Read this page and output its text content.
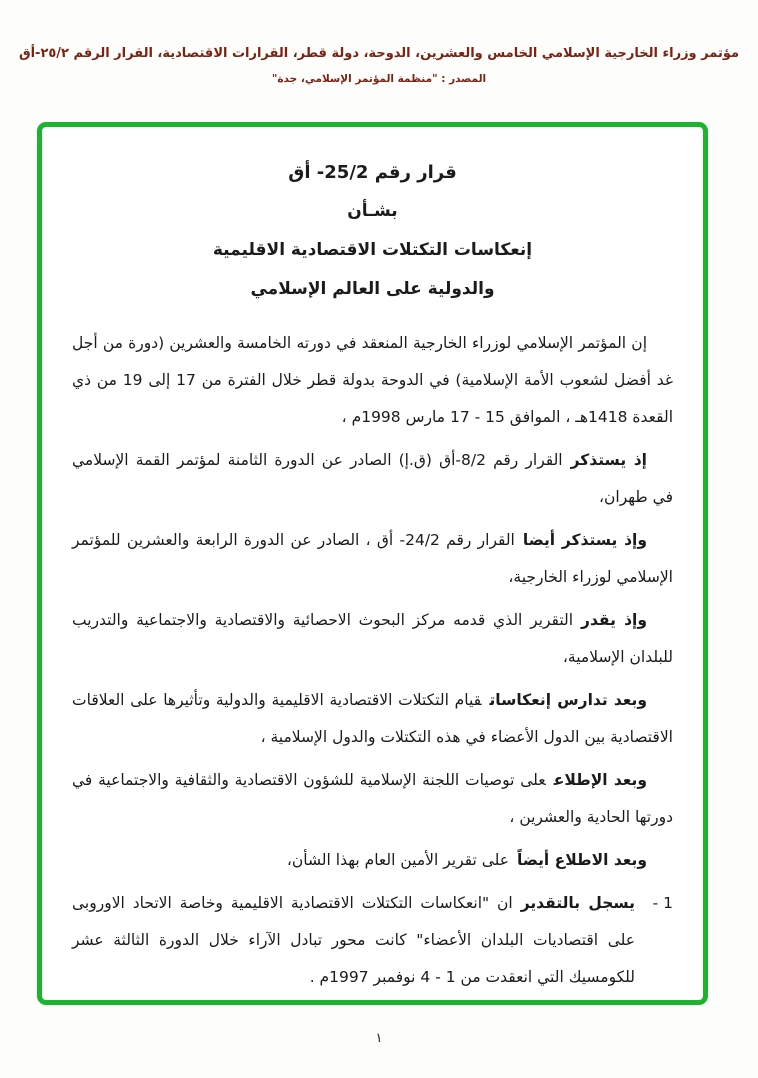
مؤتمر وزراء الخارجية الإسلامي الخامس والعشرين، الدوحة، دولة قطر، القرارات الاقتصادية، القرار الرقم ٢٥/٢-أق
المصدر : "منظمة المؤتمر الإسلامي، جدة"
قرار رقم 25/2- أق
بشـأن
إنعكاسات التكتلات الاقتصادية الاقليمية
والدولية على العالم الإسلامي

إن المؤتمر الإسلامي لوزراء الخارجية المنعقد في دورته الخامسة والعشرين (دورة من أجل غد أفضل لشعوب الأمة الإسلامية) في الدوحة بدولة قطر خلال الفترة من 17 إلى 19 من ذي القعدة 1418هـ ، الموافق 15 - 17 مارس 1998م ،

إذ يستذكرالقرار رقم 8/2-أق (ق.إ) الصادر عن الدورة الثامنة لمؤتمر القمة الإسلامي في طهران،

وإذ يستذكر أيضاالقرار رقم 24/2- أق ، الصادر عن الدورة الرابعة والعشرين للمؤتمر الإسلامي لوزراء الخارجية،

وإذ يقدرالتقرير الذي قدمه مركز البحوث الاحصائية والاقتصادية والاجتماعية والتدريب للبلدان الإسلامية،

وبعد تدارس إنعكاساتقيام التكتلات الاقتصادية الاقليمية والدولية وتأثيرها على العلاقات الاقتصادية بين الدول الأعضاء في هذه التكتلات والدول الإسلامية ،

وبعد الإطلاععلى توصيات اللجنة الإسلامية للشؤون الاقتصادية والثقافية والاجتماعية في دورتها الحادية والعشرين ،

وبعد الاطلاع أيضاًعلى تقرير الأمين العام بهذا الشأن،

1 -

يسجل بالتقديران "انعكاسات التكتلات الاقتصادية الاقليمية وخاصة الاتحاد الاوروبى على اقتصاديات البلدان الأعضاء" كانت محور تبادل الآراء خلال الدورة الثالثة عشر للكومسيك التي انعقدت من 1 - 4 نوفمبر 1997م .

١
